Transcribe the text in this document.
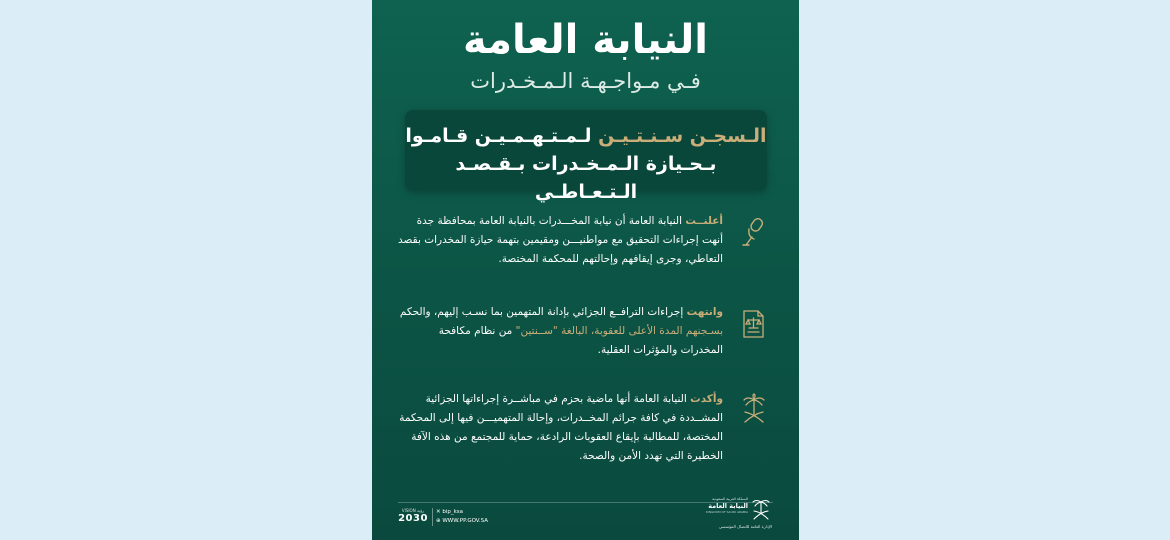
النيابة العامة
فـي مـواجـهـة الـمـخـدرات
الـسجـن سـنـتـيـن لـمـتـهـمـيـن قـامـوا
بـحـيازة الـمـخـدرات بـقـصـد الـتـعـاطـي
أعلنــت النيابة العامة أن نيابة المخـــدرات بالنيابة العامة بمحافظة جدة أنهت إجراءات التحقيق مع مواطنيـــن ومقيمين بتهمة حيازة المخدرات بقصد التعاطي، وجرى إيقافهم وإحالتهم للمحكمة المختصة.
وانتهت إجراءات الترافــع الجزائي بإدانة المتهمين بما نسـب إليهم، والحكم بسـجنهم المدة الأعلى للعقوبة، البالغة "ســنتين" من نظام مكافحة المخدرات والمؤثرات العقلية.
وأكدت النيابة العامة أنها ماضية بحزم في مباشــرة إجراءاتها الجزائية المشــددة في كافة جرائم المخــدرات، وإحالة المتهميـــن فيها إلى المحكمة المختصة، للمطالبة بإيقاع العقوبات الرادعة، حماية للمجتمع من هذه الآفة الخطيرة التي تهدد الأمن والصحة.
VISION رؤية
2030
✕ bip_ksa
⊕ WWW.PP.GOV.SA
المملكة العربية السعودية
النيابة العامة
KINGDOM OF SAUDI ARABIA
الإدارة العامة للاتصال المؤسسي
